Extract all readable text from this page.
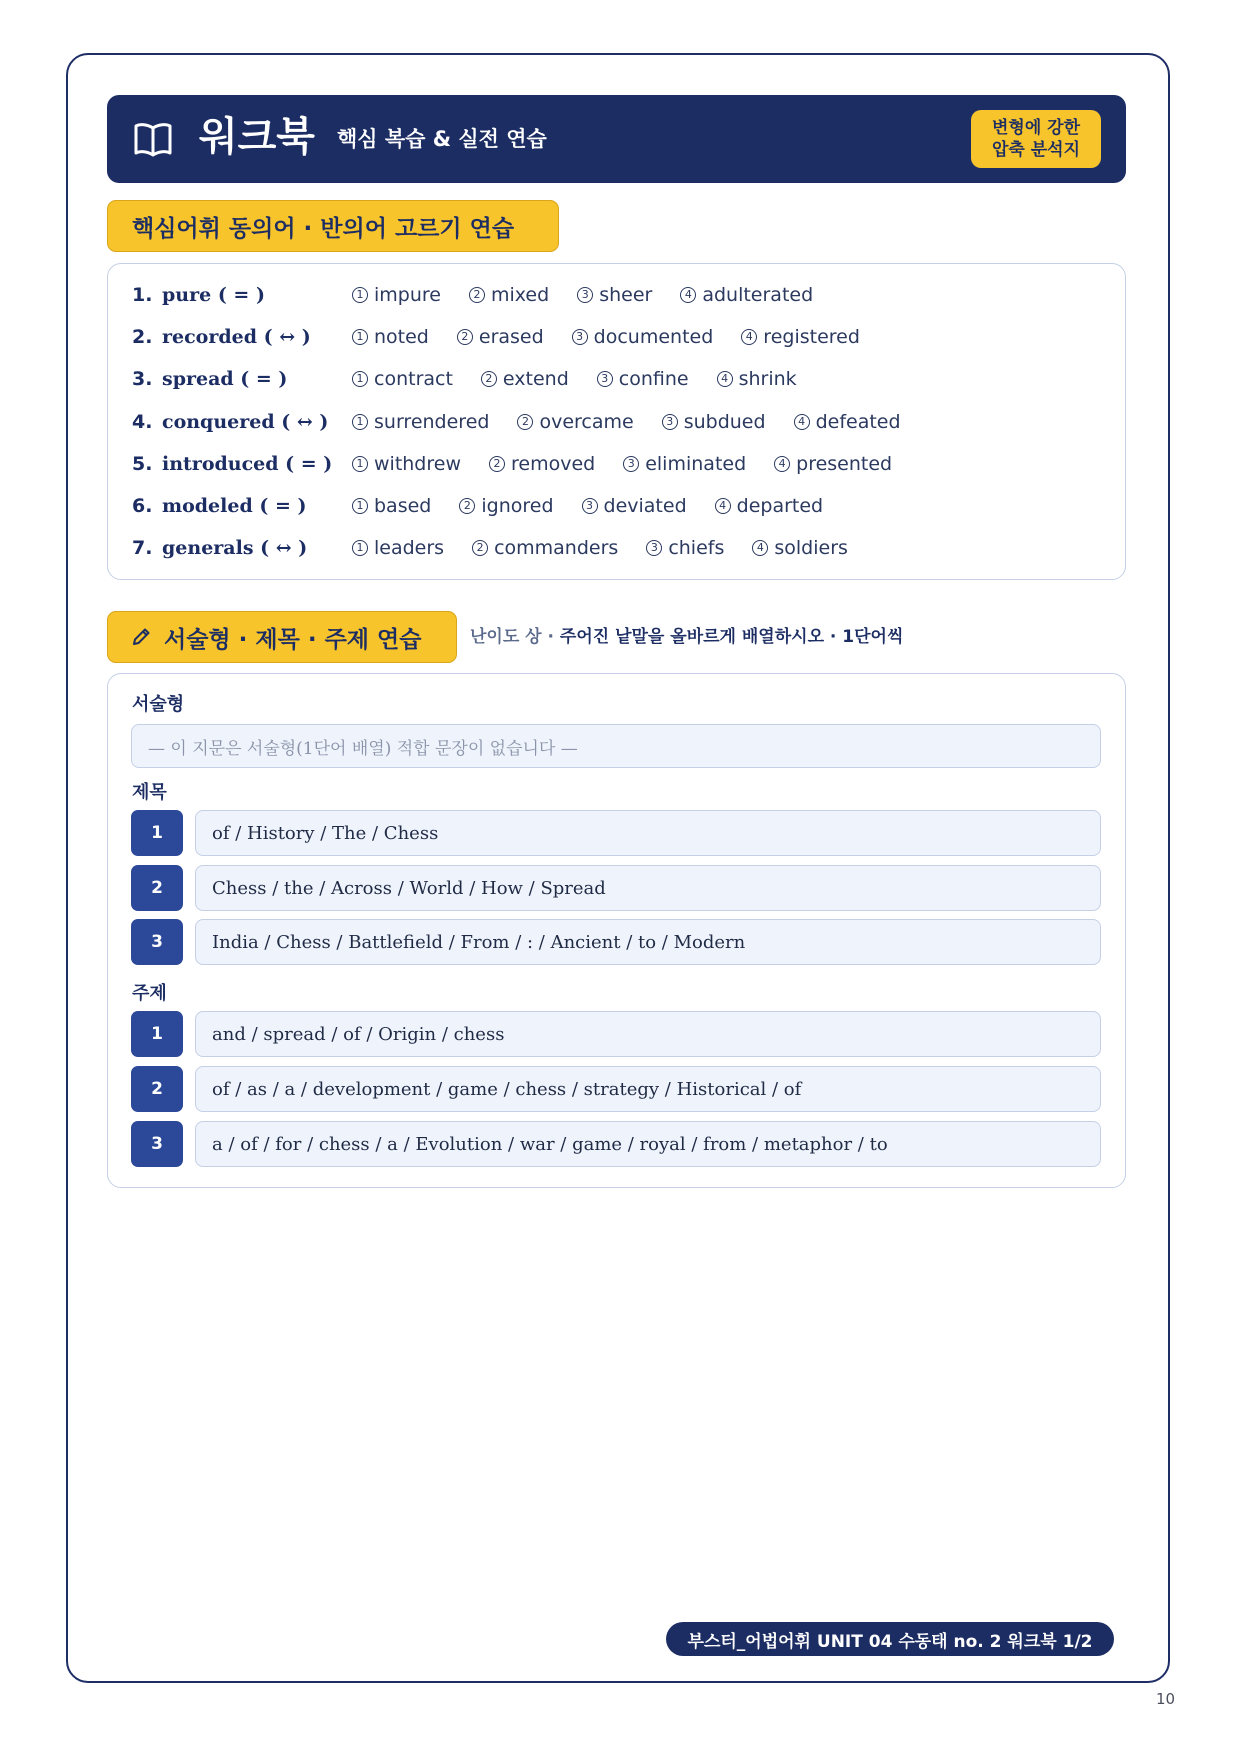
워크북 핵심 복습 & 실전 연습	변형에 강한
압축 분석지
핵심어휘 동의어 · 반의어 고르기 연습
1. pure ( = )	1 impure	2 mixed	3 sheer	4 adulterated
2. recorded ( ↔ )	1 noted	2 erased	3 documented	4 registered
3. spread ( = )	1 contract	2 extend	3 confine	4 shrink
4. conquered ( ↔ )	1 surrendered	2 overcame	3 subdued	4 defeated
5. introduced ( = )	1 withdrew	2 removed	3 eliminated	4 presented
6. modeled ( = )	1 based	2 ignored	3 deviated	4 departed
7. generals ( ↔ )	1 leaders	2 commanders	3 chiefs	4 soldiers
서술형 · 제목 · 주제 연습	난이도 상 · 주어진 낱말을 올바르게 배열하시오 · 1단어씩
서술형
— 이 지문은 서술형(1단어 배열) 적합 문장이 없습니다 —
제목
1	of / History / The / Chess
2	Chess / the / Across / World / How / Spread
3	India / Chess / Battlefield / From / : / Ancient / to / Modern
주제
1	and / spread / of / Origin / chess
2	of / as / a / development / game / chess / strategy / Historical / of
3	a / of / for / chess / a / Evolution / war / game / royal / from / metaphor / to
부스터_어법어휘 UNIT 04 수동태 no. 2 워크북 1/2
10
